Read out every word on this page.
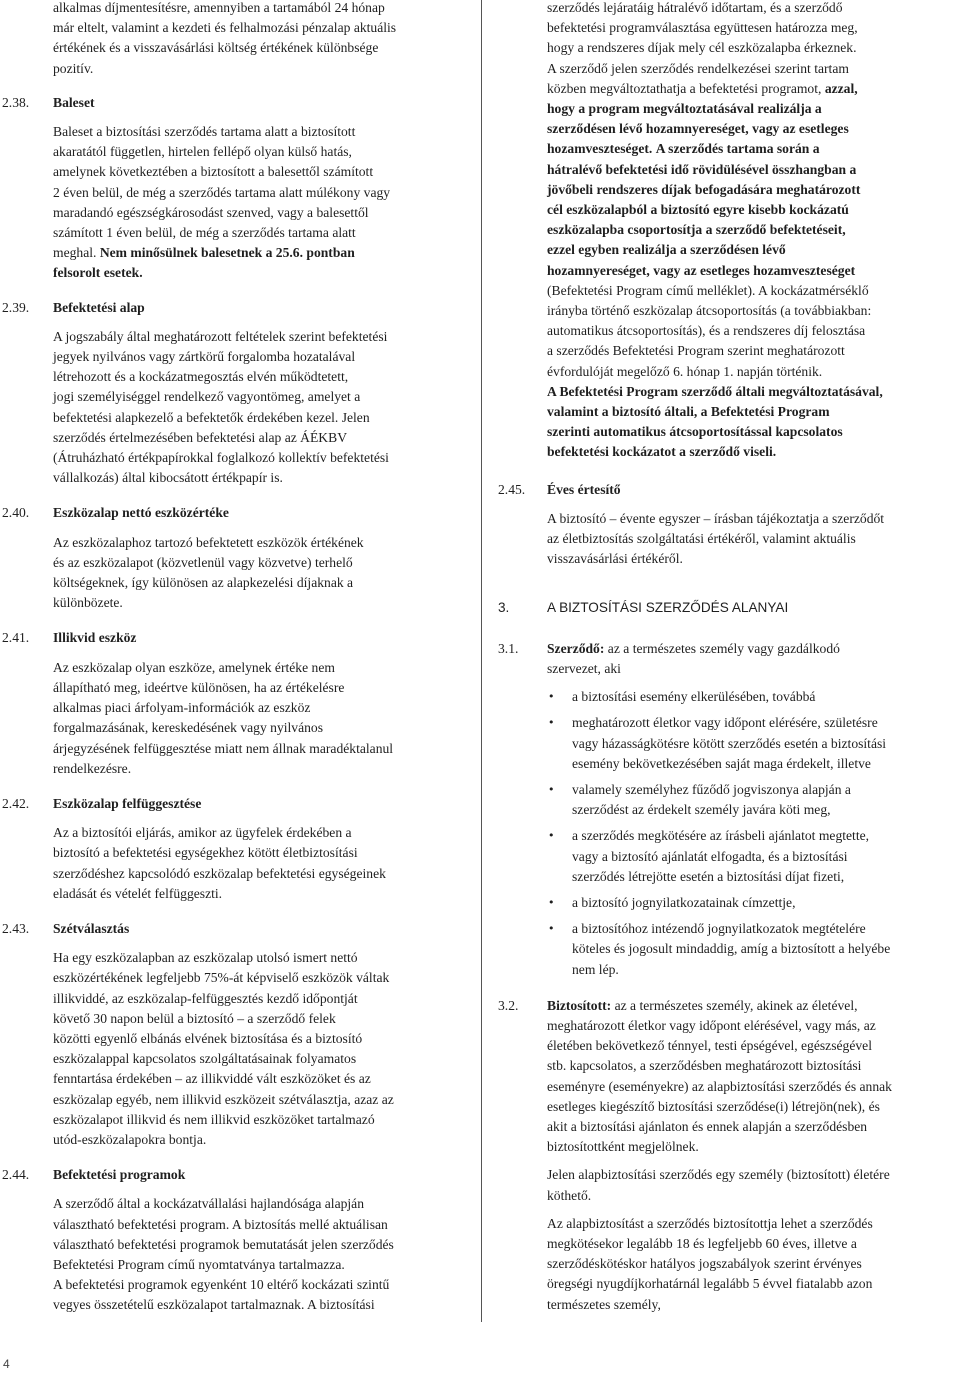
alkalmas díjmentesítésre, amennyiben a tartamából 24 hónap

már eltelt, valamint a kezdeti és felhalmozási pénzalap aktuális

értékének és a visszavásárlási költség értékének különbsége

pozitív.

2.38. Baleset

Baleset a biztosítási szerződés tartama alatt a biztosított

akaratától független, hirtelen fellépő olyan külső hatás,

amelynek következtében a biztosított a balesettől számított

2 éven belül, de még a szerződés tartama alatt múlékony vagy

maradandó egészségkárosodást szenved, vagy a balesettől

számított 1 éven belül, de még a szerződés tartama alatt

meghal. Nem minősülnek balesetnek a 25.6. pontban

felsorolt esetek.

2.39. Befektetési alap

A jogszabály által meghatározott feltételek szerint befektetési

jegyek nyilvános vagy zártkörű forgalomba hozatalával

létrehozott és a kockázatmegosztás elvén működtetett,

jogi személyiséggel rendelkező vagyontömeg, amelyet a

befektetési alapkezelő a befektetők érdekében kezel. Jelen

szerződés értelmezésében befektetési alap az ÁÉKBV

(Átruházható értékpapírokkal foglalkozó kollektív befektetési

vállalkozás) által kibocsátott értékpapír is.

2.40. Eszközalap nettó eszközértéke

Az eszközalaphoz tartozó befektetett eszközök értékének

és az eszközalapot (közvetlenül vagy közvetve) terhelő

költségeknek, így különösen az alapkezelési díjaknak a

különbözete.

2.41. Illikvid eszköz

Az eszközalap olyan eszköze, amelynek értéke nem

állapítható meg, ideértve különösen, ha az értékelésre

alkalmas piaci árfolyam-információk az eszköz

forgalmazásának, kereskedésének vagy nyilvános

árjegyzésének felfüggesztése miatt nem állnak maradéktalanul

rendelkezésre.

2.42. Eszközalap felfüggesztése

Az a biztosítói eljárás, amikor az ügyfelek érdekében a

biztosító a befektetési egységekhez kötött életbiztosítási

szerződéshez kapcsolódó eszközalap befektetési egységeinek

eladását és vételét felfüggeszti.

2.43. Szétválasztás

Ha egy eszközalapban az eszközalap utolsó ismert nettó

eszközértékének legfeljebb 75%-át képviselő eszközök válta​k

illikviddé, az eszközalap-felfüggesztés kezdő időpontját

követő 30 napon belül a biztosító – a szerződő felek

közötti egyenlő elbánás elvének biztosítása és a biztosító

eszközalappal kapcsolatos szolgáltatásainak folyamatos

fenntartása érdekében – az illikviddé vált eszközöket és az

eszközalap egyéb, nem illikvid eszközeit szétválasztja, azaz az

eszközalapot illikvid és nem illikvid eszközöket tartalmazó

utód-eszközalapokra bontja.

2.44. Befektetési programok

A szerződő által a kockázatvállalási hajlandósága alapján

választható befektetési program. A biztosítás mellé aktuálisan

választható befektetési programok bemutatását jelen szerződés

Befektetési Program című nyomtatványa tartalmazza.

A befektetési programok egyenként 10 eltérő kockázati szintű

vegyes összetételű eszközalapot tartalmaznak. A biztosítási

szerződés lejáratáig hátralévő időtartam, és a szerződő

befektetési programválasztása együttesen határozza meg,

hogy a rendszeres díjak mely cél eszközalapba érkeznek.

A szerződő jelen szerződés rendelkezései szerint tartam

közben megváltoztathatja a befektetési programot, azzal,

hogy a program megváltoztatásával realizálja a

szerződésen lévő hozamnyereséget, vagy az esetleges

hozamveszteséget. A szerződés tartama során a

hátralévő befektetési idő rövidülésével összhangban a

jövőbeli rendszeres díjak befogadására meghatározott

cél eszközalapból a biztosító egyre kisebb kockázatú

eszközalapba csoportosítja a szerződő befektetéseit,

ezzel egyben realizálja a szerződésen lévő

hozamnyereséget, vagy az esetleges hozamveszteséget

(Befektetési Program című melléklet). A kockázatmérséklő

irányba történő eszközalap átcsoportosítás (a továbbiakban:

automatikus átcsoportosítás), és a rendszeres díj felosztása

a szerződés Befektetési Program szerint meghatározott

évfordulóját megelőző 6. hónap 1. napján történik.

A Befektetési Program szerződő általi megváltoztatásával,

valamint a biztosító általi, a Befektetési Program

szerinti automatikus átcsoportosítással kapcsolatos

befektetési kockázatot a szerződő viseli.

2.45. Éves értesítő

A biztosító – évente egyszer – írásban tájékoztatja a szerződőt

az életbiztosítás szolgáltatási értékéről, valamint aktuális

visszavásárlási értékéről.

3.	A BIZTOSÍTÁSI SZERZŐDÉS ALANYAI
3.1. Szerződő: az a természetes személy vagy gazdálkodó

szervezet, aki

• a biztosítási esemény elkerülésében, továbbá

• meghatározott életkor vagy időpont elérésére, születésre

vagy házasságkötésre kötött szerződés esetén a biztosítási

esemény bekövetkezésében saját maga érdekelt, illetve

• valamely személyhez fűződő jogviszonya alapján a

szerződést az érdekelt személy javára köti meg,

• a szerződés megkötésére az írásbeli ajánlatot megtette,

vagy a biztosító ajánlatát elfogadta, és a biztosítási

szerződés létrejötte esetén a biztosítási díjat fizeti,

• a biztosító jognyilatkozatainak címzettje,

• a biztosítóhoz intézendő jognyilatkozatok megtételére

köteles és jogosult mindaddig, amíg a biztosított a helyébe

nem lép.

3.2. Biztosított: az a természetes személy, akinek az életével,

meghatározott életkor vagy időpont elérésével, vagy más, az

életében bekövetkező ténnyel, testi épségével, egészségével

stb. kapcsolatos, a szerződésben meghatározott biztosítási

eseményre (eseményekre) az alapbiztosítási szerződés és annak

esetleges kiegészítő biztosítási szerződése(i) létrejön(nek), és

akit a biztosítási ajánlaton és ennek alapján a szerződésben

biztosítottként megjelölnek.

Jelen alapbiztosítási szerződés egy személy (biztosított) életére

köthető.

Az alapbiztosítást a szerződés biztosítottja lehet a szerződés

megkötésekor legalább 18 és legfeljebb 60 éves, illetve a

szerződéskötéskor hatályos jogszabályok szerint érvényes

öregségi nyugdíjkorhatárnál legalább 5 évvel fiatalabb azon

természetes személy,

4
